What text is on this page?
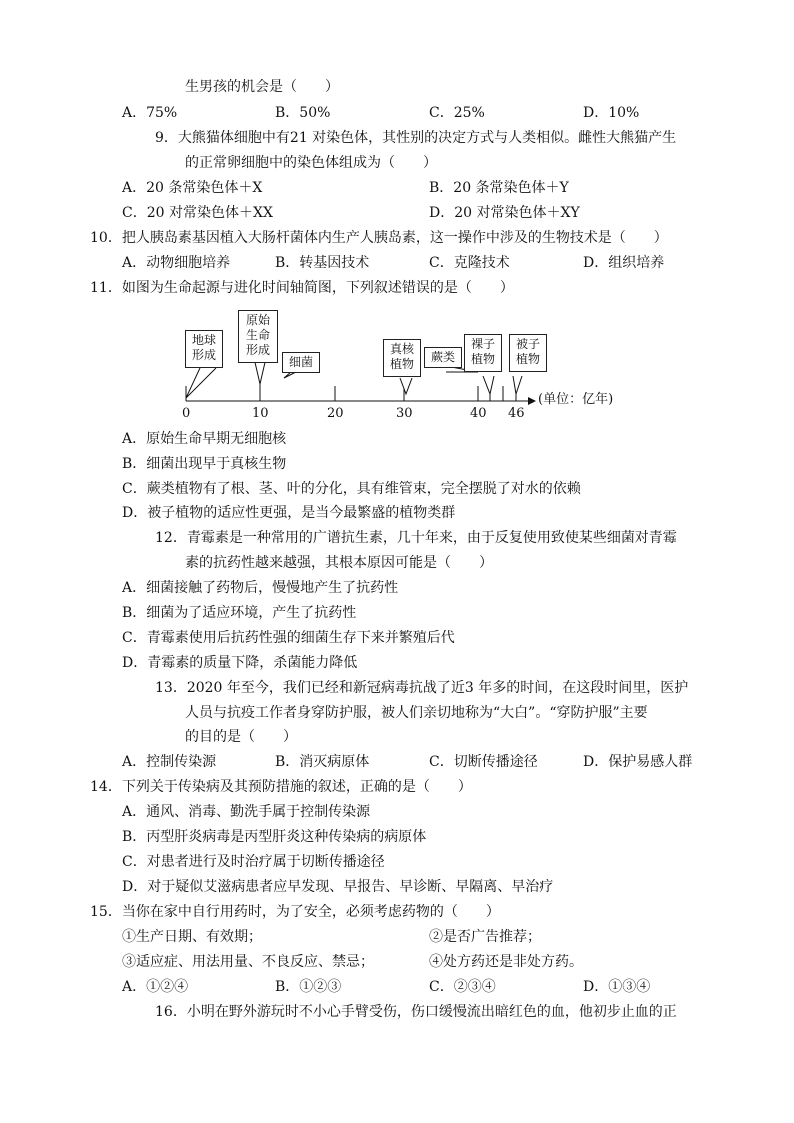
生男孩的机会是（　　）
A．75%	B．50%	C．25%	D．10%
9．大熊猫体细胞中有21 对染色体，其性别的决定方式与人类相似。雌性大熊猫产生
的正常卵细胞中的染色体组成为（　　）
A．20 条常染色体＋X	B．20 条常染色体＋Y
C．20 对常染色体＋XX	D．20 对常染色体＋XY
10．把人胰岛素基因植入大肠杆菌体内生产人胰岛素，这一操作中涉及的生物技术是（　　）
A．动物细胞培养	B．转基因技术	C．克隆技术	D．组织培养
11．如图为生命起源与进化时间轴简图，下列叙述错误的是（　　）
地球
形成
原始
生命
形成
细菌
真核
植物	蕨类
裸子
植物
被子
植物
0	10	20	30	40 46
(单位：亿年)
A．原始生命早期无细胞核
B．细菌出现早于真核生物
C．蕨类植物有了根、茎、叶的分化，具有维管束，完全摆脱了对水的依赖
D．被子植物的适应性更强，是当今最繁盛的植物类群
12．青霉素是一种常用的广谱抗生素，几十年来，由于反复使用致使某些细菌对青霉
素的抗药性越来越强，其根本原因可能是（　　）
A．细菌接触了药物后，慢慢地产生了抗药性
B．细菌为了适应环境，产生了抗药性
C．青霉素使用后抗药性强的细菌生存下来并繁殖后代
D．青霉素的质量下降，杀菌能力降低
13．2020 年至今，我们已经和新冠病毒抗战了近3 年多的时间，在这段时间里，医护
人员与抗疫工作者身穿防护服，被人们亲切地称为“大白”。“穿防护服”主要
的目的是（　　）
A．控制传染源	B．消灭病原体	C．切断传播途径	D．保护易感人群
14．下列关于传染病及其预防措施的叙述，正确的是（　　）
A．通风、消毒、勤洗手属于控制传染源
B．丙型肝炎病毒是丙型肝炎这种传染病的病原体
C．对患者进行及时治疗属于切断传播途径
D．对于疑似艾滋病患者应早发现、早报告、早诊断、早隔离、早治疗
15．当你在家中自行用药时，为了安全，必须考虑药物的（　　）
①生产日期、有效期；	②是否广告推荐；
③适应症、用法用量、不良反应、禁忌；	④处方药还是非处方药。
A．①②④	B．①②③	C．②③④	D．①③④
16．小明在野外游玩时不小心手臂受伤，伤口缓慢流出暗红色的血，他初步止血的正
